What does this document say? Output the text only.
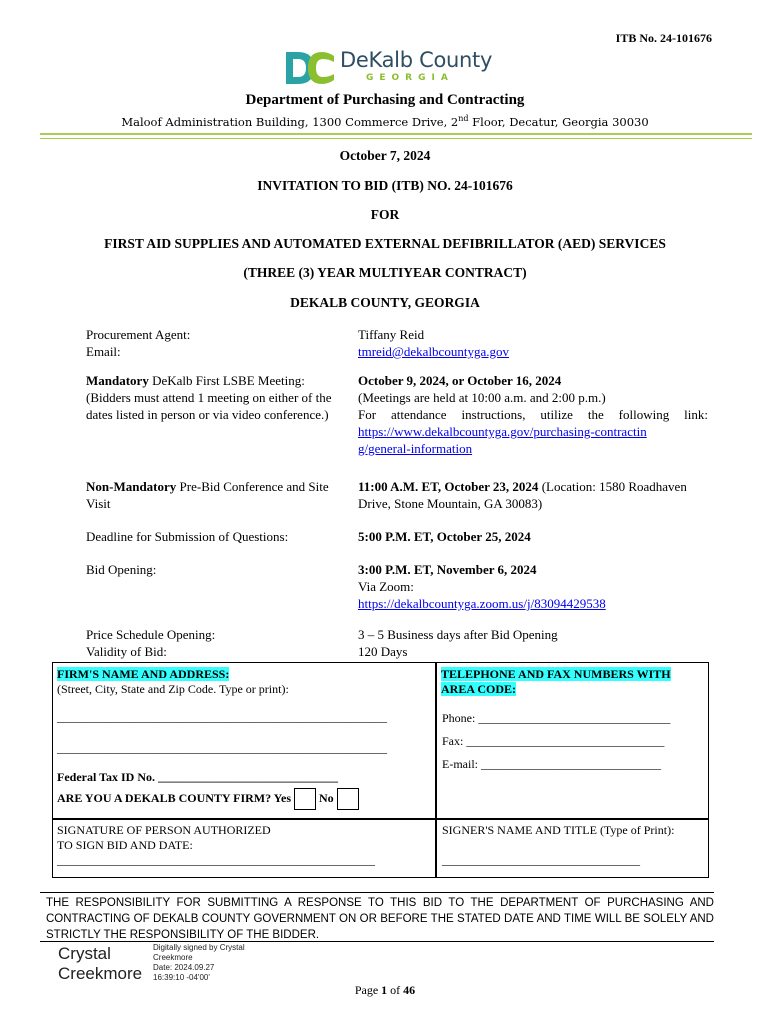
ITB No. 24-101676
DeKalb County
GEORGIA
Department of Purchasing and Contracting
Maloof Administration Building, 1300 Commerce Drive, 2nd Floor, Decatur, Georgia 30030
October 7, 2024
INVITATION TO BID (ITB) NO. 24-101676
FOR
FIRST AID SUPPLIES AND AUTOMATED EXTERNAL DEFIBRILLATOR (AED) SERVICES
(THREE (3) YEAR MULTIYEAR CONTRACT)
DEKALB COUNTY, GEORGIA
Procurement Agent:
Email:
Tiffany Reid
tmreid@dekalbcountyga.gov
Mandatory DeKalb First LSBE Meeting:
(Bidders must attend 1 meeting on either of the dates listed in person or via video conference.)
October 9, 2024, or October 16, 2024
(Meetings are held at 10:00 a.m. and 2:00 p.m.)
For attendance instructions, utilize the following link:
https://www.dekalbcountyga.gov/purchasing-contracting/general-information
Non-Mandatory Pre-Bid Conference and Site Visit
11:00 A.M. ET, October 23, 2024 (Location: 1580 Roadhaven Drive, Stone Mountain, GA 30083)
Deadline for Submission of Questions:	5:00 P.M. ET, October 25, 2024
Bid Opening:	3:00 P.M. ET, November 6, 2024
Via Zoom:
https://dekalbcountyga.zoom.us/j/83094429538
Price Schedule Opening:
Validity of Bid:
3 – 5 Business days after Bid Opening
120 Days
FIRM'S NAME AND ADDRESS:
(Street, City, State and Zip Code. Type or print):
_______________________________________________________
_______________________________________________________
Federal Tax ID No. ______________________________
ARE YOU A DEKALB COUNTY FIRM? Yes No
TELEPHONE AND FAX NUMBERS WITH AREA CODE:
Phone: ________________________________
Fax: _________________________________
E-mail: ______________________________
SIGNATURE OF PERSON AUTHORIZED
TO SIGN BID AND DATE:
_____________________________________________________
SIGNER'S NAME AND TITLE (Type of Print):
_________________________________
THE RESPONSIBILITY FOR SUBMITTING A RESPONSE TO THIS BID TO THE DEPARTMENT OF PURCHASING AND CONTRACTING OF DEKALB COUNTY GOVERNMENT ON OR BEFORE THE STATED DATE AND TIME WILL BE SOLELY AND STRICTLY THE RESPONSIBILITY OF THE BIDDER.
Crystal
Creekmore
Digitally signed by Crystal
Creekmore
Date: 2024.09.27
16:39:10 -04'00'
Page 1 of 46
